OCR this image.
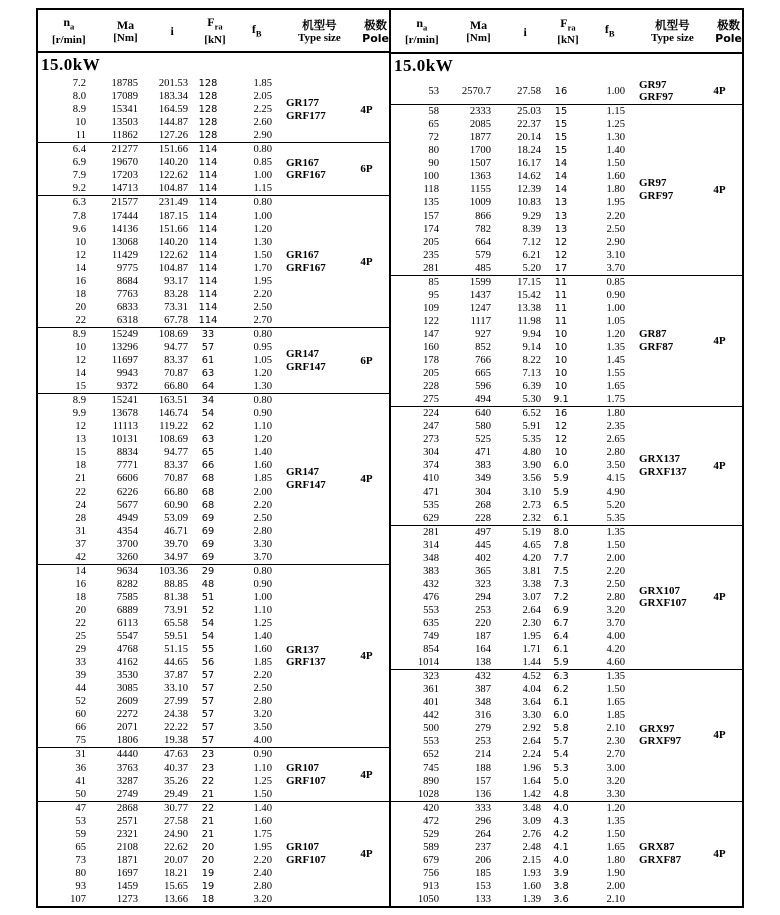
$n_a$
[r/min]
Ma
[Nm]	i
$F_{ra}$
[kN]
$f_B$
机型号
Type size
极数
Pole
15.0kW
7.2	18785	201.53	128	1.85
8.0	17089	183.34	128	2.05
8.9	15341	164.59	128	2.25
10	13503	144.87	128	2.60
11	11862	127.26	128	2.90
GR177
GRF177	4P
6.4	21277	151.66	114	0.80
6.9	19670	140.20	114	0.85
7.9	17203	122.62	114	1.00
9.2	14713	104.87	114	1.15
GR167
GRF167	6P
6.3	21577	231.49	114	0.80
7.8	17444	187.15	114	1.00
9.6	14136	151.66	114	1.20
10	13068	140.20	114	1.30
12	11429	122.62	114	1.50
14	9775	104.87	114	1.70
16	8684	93.17	114	1.95
18	7763	83.28	114	2.20
20	6833	73.31	114	2.50
22	6318	67.78	114	2.70
GR167
GRF167	4P
8.9	15249	108.69	33	0.80
10	13296	94.77	57	0.95
12	11697	83.37	61	1.05
14	9943	70.87	63	1.20
15	9372	66.80	64	1.30
GR147
GRF147	6P
8.9	15241	163.51	34	0.80
9.9	13678	146.74	54	0.90
12	11113	119.22	62	1.10
13	10131	108.69	63	1.20
15	8834	94.77	65	1.40
18	7771	83.37	66	1.60
21	6606	70.87	68	1.85
22	6226	66.80	68	2.00
24	5677	60.90	68	2.20
28	4949	53.09	69	2.50
31	4354	46.71	69	2.80
37	3700	39.70	69	3.30
42	3260	34.97	69	3.70
GR147
GRF147	4P
14	9634	103.36	29	0.80
16	8282	88.85	48	0.90
18	7585	81.38	51	1.00
20	6889	73.91	52	1.10
22	6113	65.58	54	1.25
25	5547	59.51	54	1.40
29	4768	51.15	55	1.60
33	4162	44.65	56	1.85
39	3530	37.87	57	2.20
44	3085	33.10	57	2.50
52	2609	27.99	57	2.80
60	2272	24.38	57	3.20
66	2071	22.22	57	3.50
75	1806	19.38	57	4.00
GR137
GRF137	4P
31	4440	47.63	23	0.90
36	3763	40.37	23	1.10
41	3287	35.26	22	1.25
50	2749	29.49	21	1.50
GR107
GRF107	4P
47	2868	30.77	22	1.40
53	2571	27.58	21	1.60
59	2321	24.90	21	1.75
65	2108	22.62	20	1.95
73	1871	20.07	20	2.20
80	1697	18.21	19	2.40
93	1459	15.65	19	2.80
107	1273	13.66	18	3.20
GR107
GRF107	4P
$n_a$
[r/min]
Ma
[Nm]	i
$F_{ra}$
[kN]
$f_B$
机型号
Type size
极数
Pole
15.0kW
53	2570.7	27.58	16	1.00
GR97
GRF97	4P
58	2333	25.03	15	1.15
65	2085	22.37	15	1.25
72	1877	20.14	15	1.30
80	1700	18.24	15	1.40
90	1507	16.17	14	1.50
100	1363	14.62	14	1.60
118	1155	12.39	14	1.80
135	1009	10.83	13	1.95
157	866	9.29	13	2.20
174	782	8.39	13	2.50
205	664	7.12	12	2.90
235	579	6.21	12	3.10
281	485	5.20	17	3.70
GR97
GRF97	4P
85	1599	17.15	11	0.85
95	1437	15.42	11	0.90
109	1247	13.38	11	1.00
122	1117	11.98	11	1.05
147	927	9.94	10	1.20
160	852	9.14	10	1.35
178	766	8.22	10	1.45
205	665	7.13	10	1.55
228	596	6.39	10	1.65
275	494	5.30	9.1	1.75
GR87
GRF87	4P
224	640	6.52	16	1.80
247	580	5.91	12	2.35
273	525	5.35	12	2.65
304	471	4.80	10	2.80
374	383	3.90	6.0	3.50
410	349	3.56	5.9	4.15
471	304	3.10	5.9	4.90
535	268	2.73	6.5	5.20
629	228	2.32	6.1	5.35
GRX137
GRXF137	4P
281	497	5.19	8.0	1.35
314	445	4.65	7.8	1.50
348	402	4.20	7.7	2.00
383	365	3.81	7.5	2.20
432	323	3.38	7.3	2.50
476	294	3.07	7.2	2.80
553	253	2.64	6.9	3.20
635	220	2.30	6.7	3.70
749	187	1.95	6.4	4.00
854	164	1.71	6.1	4.20
1014	138	1.44	5.9	4.60
GRX107
GRXF107	4P
323	432	4.52	6.3	1.35
361	387	4.04	6.2	1.50
401	348	3.64	6.1	1.65
442	316	3.30	6.0	1.85
500	279	2.92	5.8	2.10
553	253	2.64	5.7	2.30
652	214	2.24	5.4	2.70
745	188	1.96	5.3	3.00
890	157	1.64	5.0	3.20
1028	136	1.42	4.8	3.30
GRX97
GRXF97	4P
420	333	3.48	4.0	1.20
472	296	3.09	4.3	1.35
529	264	2.76	4.2	1.50
589	237	2.48	4.1	1.65
679	206	2.15	4.0	1.80
756	185	1.93	3.9	1.90
913	153	1.60	3.8	2.00
1050	133	1.39	3.6	2.10
GRX87
GRXF87	4P
